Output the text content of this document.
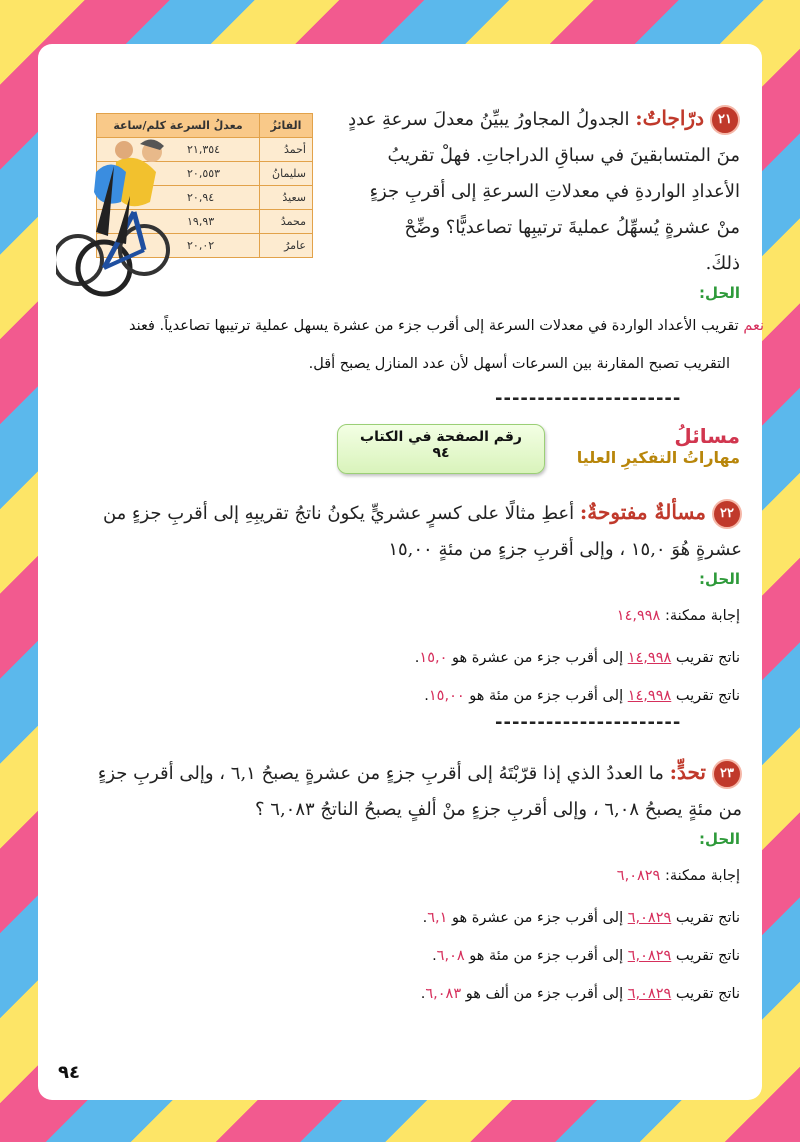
٢١درّاجاتٌ: الجدولُ المجاورُ يبيِّنُ معدلَ سرعةِ عددٍ
منَ المتسابقينَ في سباقِ الدراجاتِ. فهلْ تقريبُ
الأعدادِ الواردةِ في معدلاتِ السرعةِ إلى أقربِ جزءٍ
منْ عشرةٍ يُسهِّلُ عمليةَ ترتيبِها تصاعديًّا؟ وضِّحْ
ذلكَ.
الفائزُ	معدلُ السرعة كلم/ساعة
أحمدُ	٢١,٣٥٤
سليمانُ	٢٠,٥٥٣
سعيدُ	٢٠,٩٤
محمدُ	١٩,٩٣
عامرُ	٢٠,٠٢
الحل:
نعم تقريب الأعداد الواردة في معدلات السرعة إلى أقرب جزء من عشرة يسهل عملية ترتيبها تصاعدياً. فعند
التقريب تصبح المقارنة بين السرعات أسهل لأن عدد المنازل يصبح أقل.
----------------------
مسائلُ
مهاراتُ التفكيرِ العليا
رقم الصفحة في الكتاب
٩٤
٢٢مسألةٌ مفتوحةٌ: أعطِ مثالًا على كسرٍ عشريٍّ يكونُ ناتجُ تقريبِهِ إلى أقربِ جزءٍ من
عشرةٍ هُوَ ١٥,٠ ، وإلى أقربِ جزءٍ من مئةٍ ١٥,٠٠
الحل:
إجابة ممكنة: ١٤,٩٩٨
ناتج تقريب ١٤,٩٩٨ إلى أقرب جزء من عشرة هو ١٥,٠.
ناتج تقريب ١٤,٩٩٨ إلى أقرب جزء من مئة هو ١٥,٠٠.
----------------------
٢٣تحدٍّ: ما العددُ الذي إذا قرّبْتَهُ إلى أقربِ جزءٍ من عشرةٍ يصبحُ ٦,١ ، وإلى أقربِ جزءٍ
من مئةٍ يصبحُ ٦,٠٨ ، وإلى أقربِ جزءٍ منْ ألفٍ يصبحُ الناتجُ ٦,٠٨٣ ؟
الحل:
إجابة ممكنة: ٦,٠٨٢٩
ناتج تقريب ٦,٠٨٢٩ إلى أقرب جزء من عشرة هو ٦,١.
ناتج تقريب ٦,٠٨٢٩ إلى أقرب جزء من مئة هو ٦,٠٨.
ناتج تقريب ٦,٠٨٢٩ إلى أقرب جزء من ألف هو ٦,٠٨٣.
٩٤
